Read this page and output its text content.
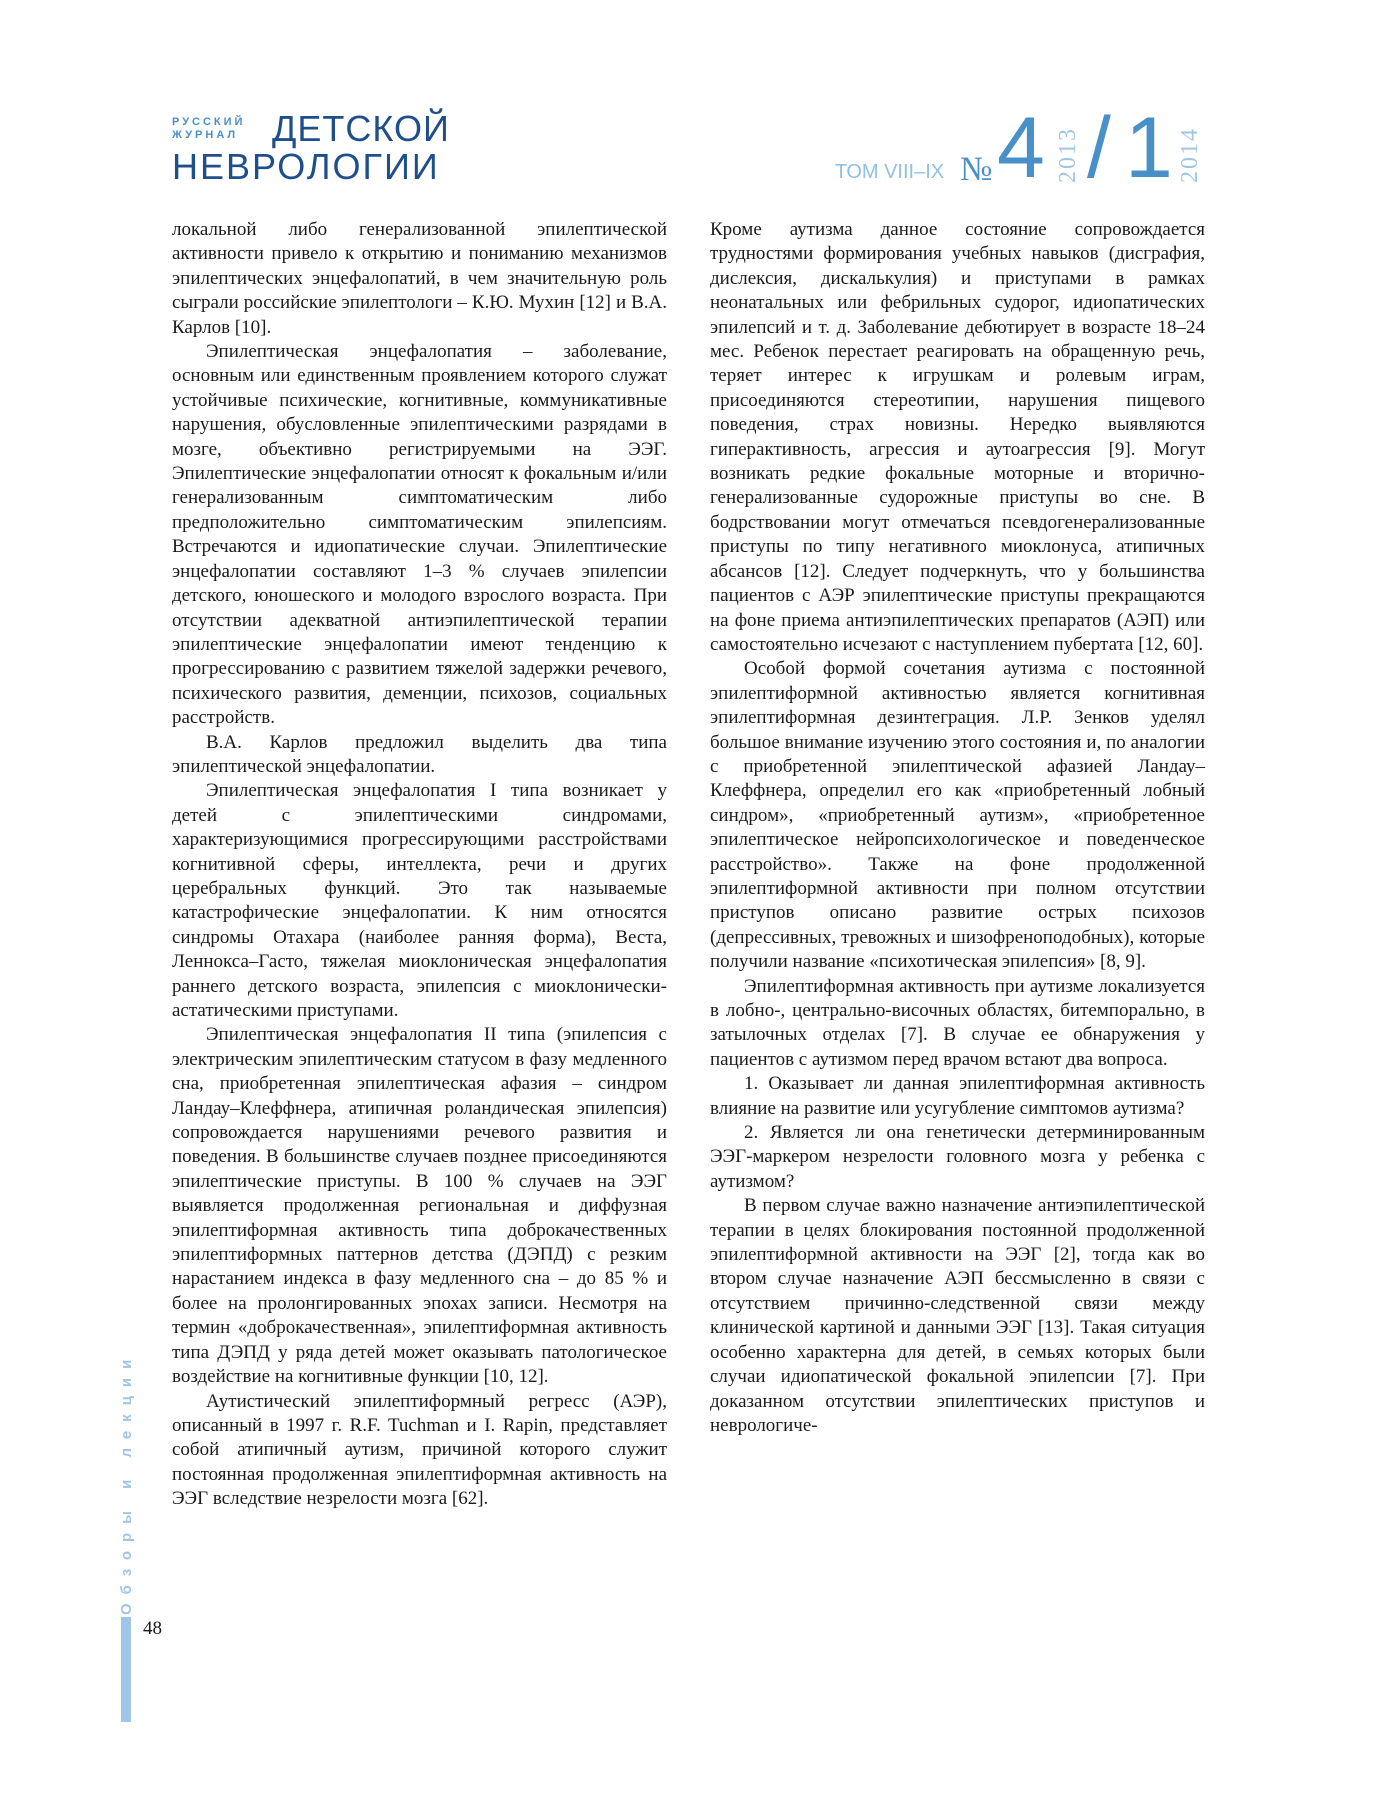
РУССКИЙ ЖУРНАЛ ДЕТСКОЙ
НЕВРОЛОГИИ	ТОМ VIII–IX № 4 2013 / 1 2014

локальной либо генерализованной эпилептической активности привело к открытию и пониманию механизмов эпилептических энцефалопатий, в чем значительную роль сыграли российские эпилептологи – К.Ю. Мухин [12] и В.А. Карлов [10].

Эпилептическая энцефалопатия – заболевание, основным или единственным проявлением которого служат устойчивые психические, когнитивные, коммуникативные нарушения, обусловленные эпилептическими разрядами в мозге, объективно регистрируемыми на ЭЭГ. Эпилептические энцефалопатии относят к фокальным и/или генерализованным симптоматическим либо предположительно симптоматическим эпилепсиям. Встречаются и идиопатические случаи. Эпилептические энцефалопатии составляют 1–3 % случаев эпилепсии детского, юношеского и молодого взрослого возраста. При отсутствии адекватной антиэпилептической терапии эпилептические энцефалопатии имеют тенденцию к прогрессированию с развитием тяжелой задержки речевого, психического развития, деменции, психозов, социальных расстройств.

В.А. Карлов предложил выделить два типа эпилептической энцефалопатии.

Эпилептическая энцефалопатия I типа возникает у детей с эпилептическими синдромами, характеризующимися прогрессирующими расстройствами когнитивной сферы, интеллекта, речи и других церебральных функций. Это так называемые катастрофические энцефалопатии. К ним относятся синдромы Отахара (наиболее ранняя форма), Веста, Леннокса–Гасто, тяжелая миоклоническая энцефалопатия раннего детского возраста, эпилепсия с миоклонически-астатическими приступами.

Эпилептическая энцефалопатия II типа (эпилепсия с электрическим эпилептическим статусом в фазу медленного сна, приобретенная эпилептическая афазия – синдром Ландау–Клеффнера, атипичная роландическая эпилепсия) сопровождается нарушениями речевого развития и поведения. В большинстве случаев позднее присоединяются эпилептические приступы. В 100 % случаев на ЭЭГ выявляется продолженная региональная и диффузная эпилептиформная активность типа доброкачественных эпилептиформных паттернов детства (ДЭПД) с резким нарастанием индекса в фазу медленного сна – до 85 % и более на пролонгированных эпохах записи. Несмотря на термин «доброкачественная», эпилептиформная активность типа ДЭПД у ряда детей может оказывать патологическое воздействие на когнитивные функции [10, 12].

Аутистический эпилептиформный регресс (АЭР), описанный в 1997 г. R.F. Tuchman и I. Rapin, представляет собой атипичный аутизм, причиной которого служит постоянная продолженная эпилептиформная активность на ЭЭГ вследствие незрелости мозга [62].

Кроме аутизма данное состояние сопровождается трудностями формирования учебных навыков (дисграфия, дислексия, дискалькулия) и приступами в рамках неонатальных или фебрильных судорог, идиопатических эпилепсий и т. д. Заболевание дебютирует в возрасте 18–24 мес. Ребенок перестает реагировать на обращенную речь, теряет интерес к игрушкам и ролевым играм, присоединяются стереотипии, нарушения пищевого поведения, страх новизны. Нередко выявляются гиперактивность, агрессия и аутоагрессия [9]. Могут возникать редкие фокальные моторные и вторично-генерализованные судорожные приступы во сне. В бодрствовании могут отмечаться псевдогенерализованные приступы по типу негативного миоклонуса, атипичных абсансов [12]. Следует подчеркнуть, что у большинства пациентов с АЭР эпилептические приступы прекращаются на фоне приема антиэпилептических препаратов (АЭП) или самостоятельно исчезают с наступлением пубертата [12, 60].

Особой формой сочетания аутизма с постоянной эпилептиформной активностью является когнитивная эпилептиформная дезинтеграция. Л.Р. Зенков уделял большое внимание изучению этого состояния и, по аналогии с приобретенной эпилептической афазией Ландау–Клеффнера, определил его как «приобретенный лобный синдром», «приобретенный аутизм», «приобретенное эпилептическое нейропсихологическое и поведенческое расстройство». Также на фоне продолженной эпилептиформной активности при полном отсутствии приступов описано развитие острых психозов (депрессивных, тревожных и шизофреноподобных), которые получили название «психотическая эпилепсия» [8, 9].

Эпилептиформная активность при аутизме локализуется в лобно-, центрально-височных областях, битемпорально, в затылочных отделах [7]. В случае ее обнаружения у пациентов с аутизмом перед врачом встают два вопроса.

1. Оказывает ли данная эпилептиформная активность влияние на развитие или усугубление симптомов аутизма?

2. Является ли она генетически детерминированным ЭЭГ-маркером незрелости головного мозга у ребенка с аутизмом?

В первом случае важно назначение антиэпилептической терапии в целях блокирования постоянной продолженной эпилептиформной активности на ЭЭГ [2], тогда как во втором случае назначение АЭП бессмысленно в связи с отсутствием причинно-следственной связи между клинической картиной и данными ЭЭГ [13]. Такая ситуация особенно характерна для детей, в семьях которых были случаи идиопатической фокальной эпилепсии [7]. При доказанном отсутствии эпилептических приступов и неврологиче-

Обзоры и лекции
48
